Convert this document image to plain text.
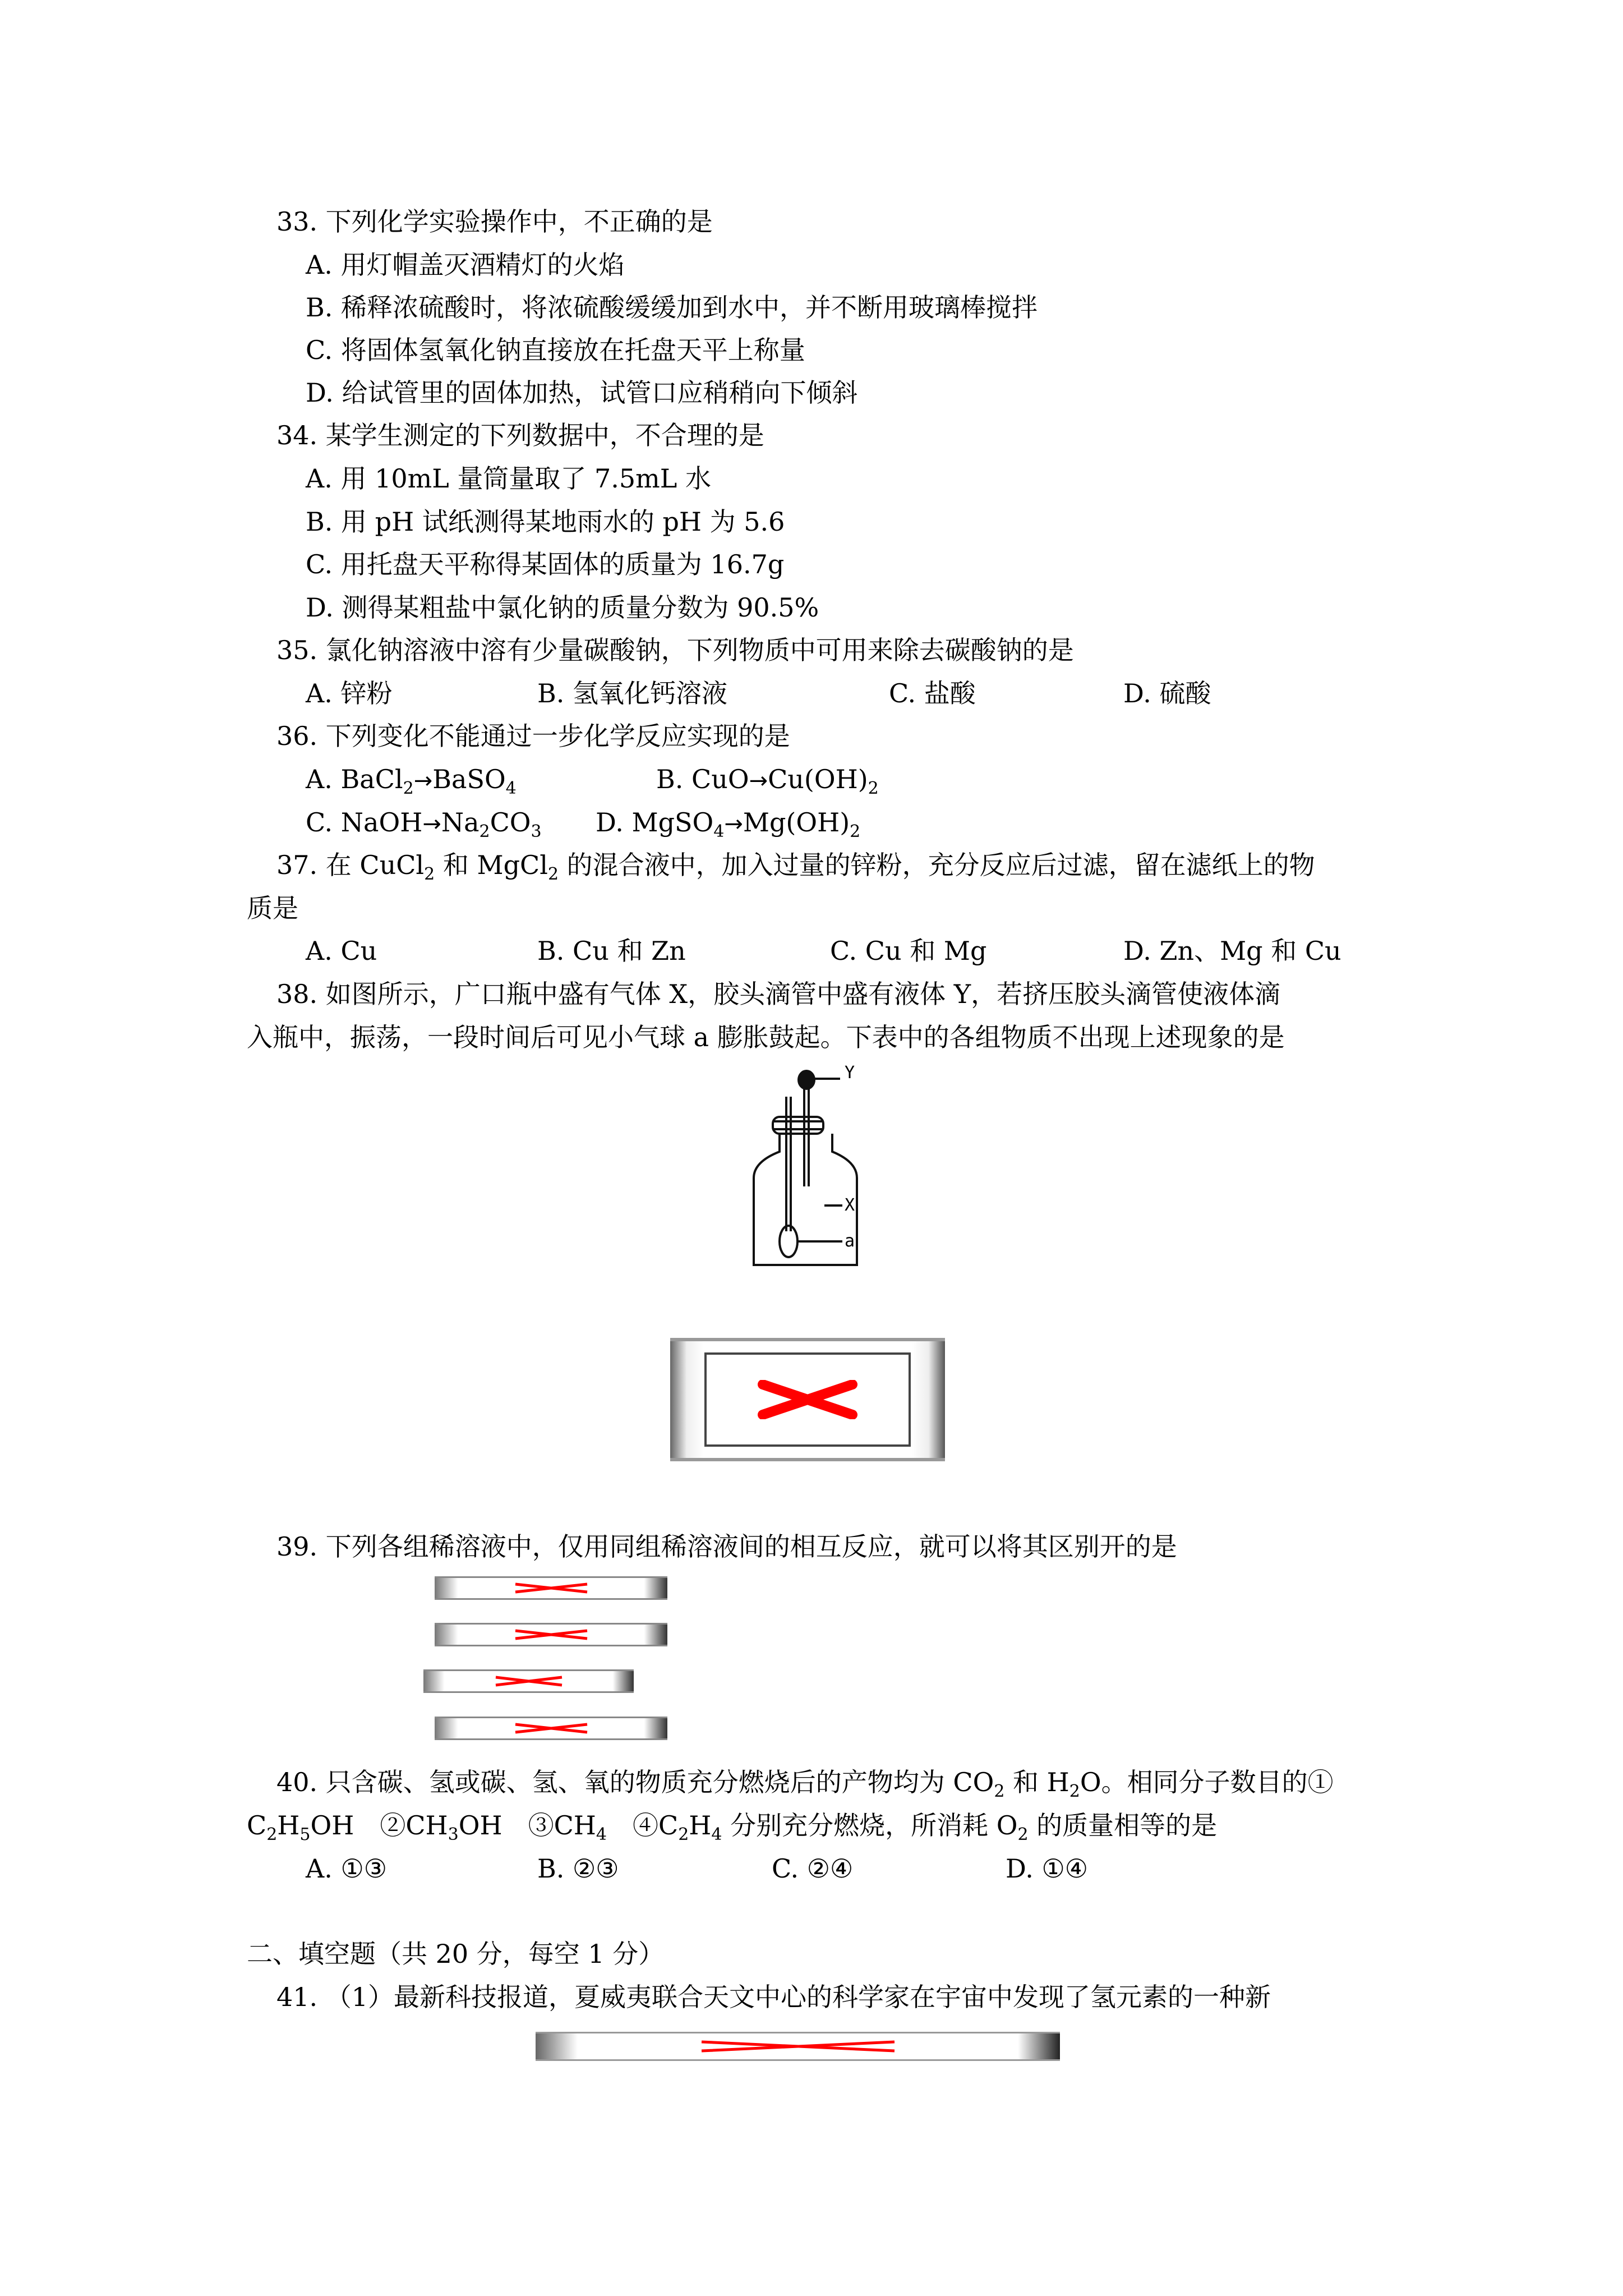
33. 下列化学实验操作中，不正确的是
A. 用灯帽盖灭酒精灯的火焰
B. 稀释浓硫酸时，将浓硫酸缓缓加到水中，并不断用玻璃棒搅拌
C. 将固体氢氧化钠直接放在托盘天平上称量
D. 给试管里的固体加热，试管口应稍稍向下倾斜
34. 某学生测定的下列数据中，不合理的是
A. 用 10mL 量筒量取了 7.5mL 水
B. 用 pH 试纸测得某地雨水的 pH 为 5.6
C. 用托盘天平称得某固体的质量为 16.7g
D. 测得某粗盐中氯化钠的质量分数为 90.5%
35. 氯化钠溶液中溶有少量碳酸钠，下列物质中可用来除去碳酸钠的是
A. 锌粉	B. 氢氧化钙溶液	C. 盐酸	D. 硫酸
36. 下列变化不能通过一步化学反应实现的是
A. BaCl$_2$→BaSO$_4$	B. $CuO\to Cu(OH)_2$
C. $NaOH\to Na_2CO_3$ D. $MgSO_4\to Mg(OH)_2$
37. 在 CuCl$_2$ 和 MgCl$_2$ 的混合液中，加入过量的锌粉，充分反应后过滤，留在滤纸上的物
质是
A. Cu	B. Cu 和 Zn	C. Cu 和 Mg	D. Zn、Mg 和 Cu
38. 如图所示，广口瓶中盛有气体 X，胶头滴管中盛有液体 Y，若挤压胶头滴管使液体滴
入瓶中，振荡，一段时间后可见小气球 a 膨胀鼓起。下表中的各组物质不出现上述现象的是
Y
X
a
39. 下列各组稀溶液中，仅用同组稀溶液间的相互反应，就可以将其区别开的是
40. 只含碳、氢或碳、氢、氧的物质充分燃烧后的产物均为 $CO_2$ 和 $H_2O$。相同分子数目的①
$C_2H_5OH$　$②CH_3OH$　$③CH_4$　$④C_2H_4$ 分别充分燃烧，所消耗 $O_2$ 的质量相等的是
A. ①③	B. ②③	C. ②④	D. ①④
二、填空题（共 20 分，每空 1 分）
41. （1）最新科技报道，夏威夷联合天文中心的科学家在宇宙中发现了氢元素的一种新
